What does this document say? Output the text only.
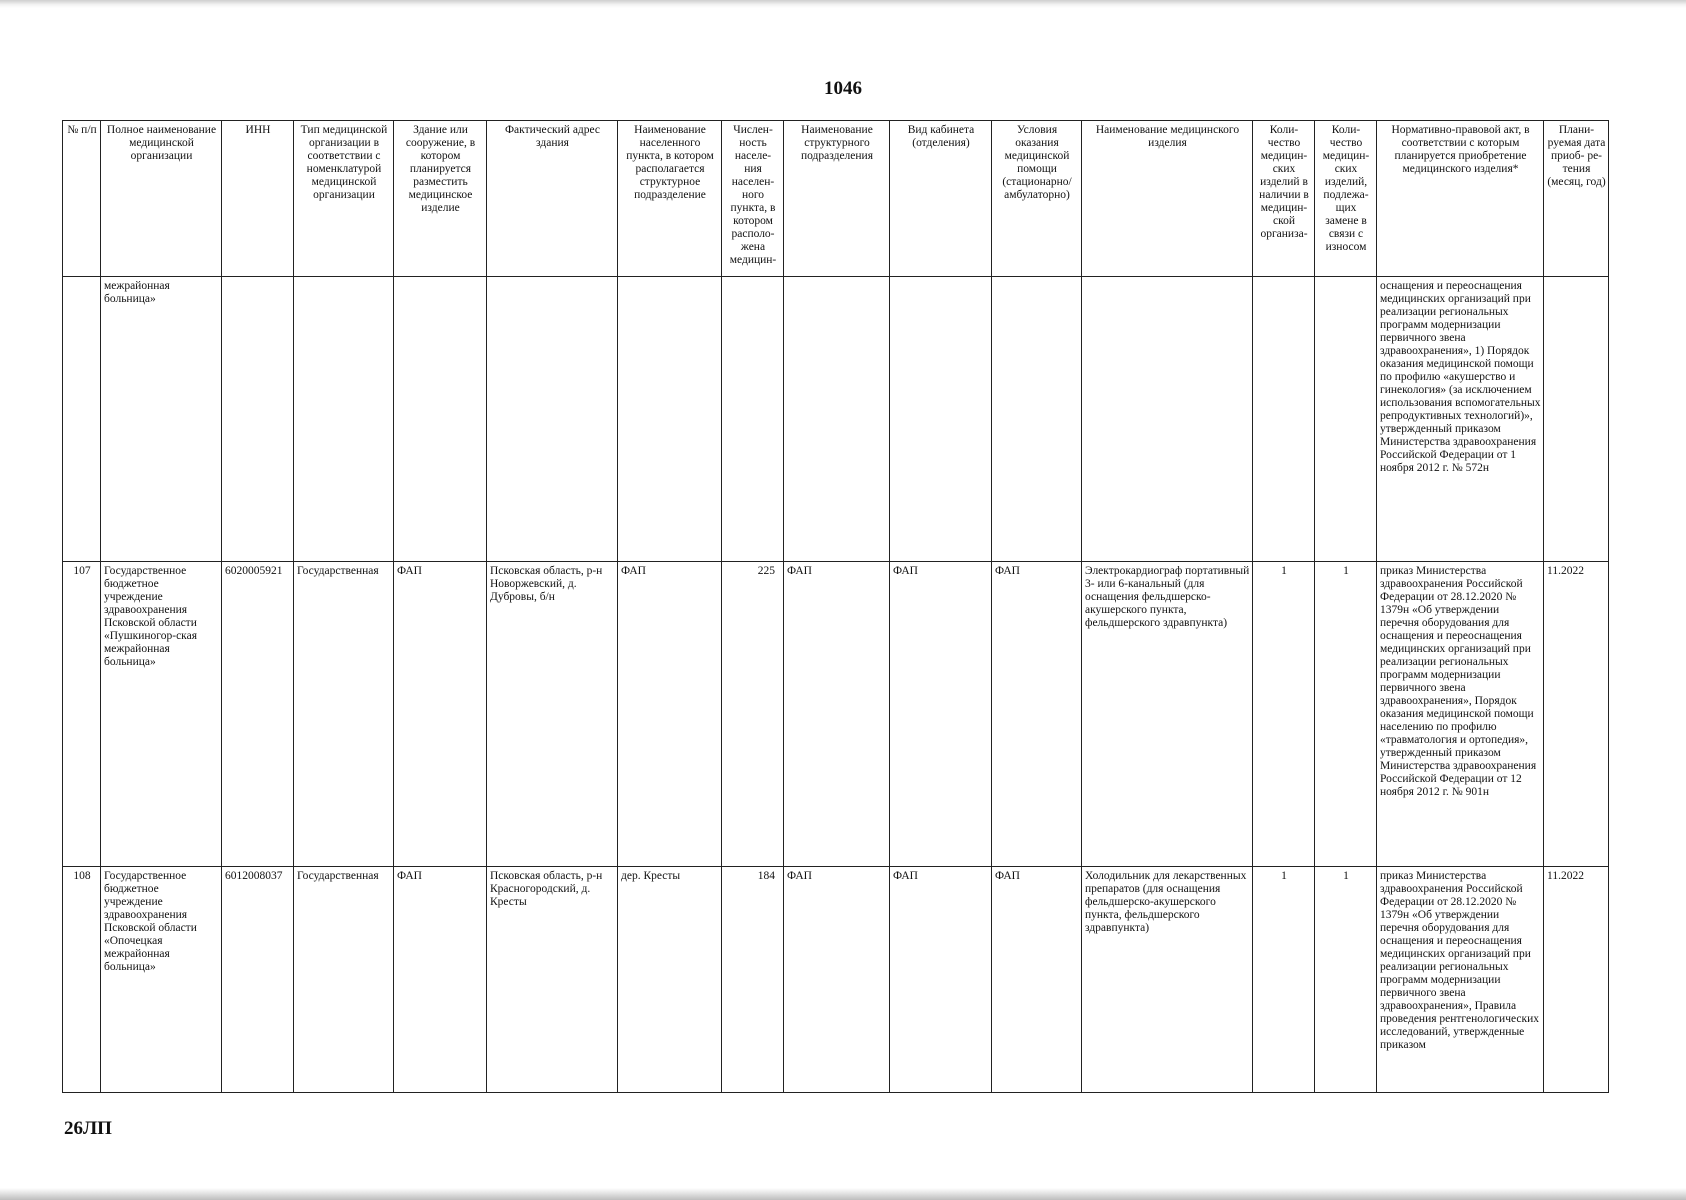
1046
№ п/п	Полное наименование медицинской организации	ИНН	Тип медицинской организации в соответствии с номенклатурой медицинской организации	Здание или сооружение, в котором планируется разместить медицинское изделие	Фактический адрес здания	Наименование населенного пункта, в котором располагается структурное подразделение	Числен- ность населе- ния населен- ного пункта, в котором располо- жена медицин-	Наименование структурного подразделения	Вид кабинета (отделения)	Условия оказания медицинской помощи (стационарно/ амбулаторно)	Наименование медицинского изделия	Коли- чество медицин- ских изделий в наличии в медицин- ской организа-	Коли- чество медицин- ских изделий, подлежа- щих замене в связи с износом	Нормативно-правовой акт, в соответствии с которым планируется приобретение медицинского изделия*	Плани- руемая дата приоб- ре- тения (месяц, год)
	межрайонная больница»													оснащения и переоснащения медицинских организаций при реализации региональных программ модернизации первичного звена здравоохранения», 1) Порядок оказания медицинской помощи по профилю «акушерство и гинекология» (за исключением использования вспомогательных репродуктивных технологий)», утвержденный приказом Министерства здравоохранения Российской Федерации от 1 ноября 2012 г. № 572н	
107	Государственное бюджетное учреждение здравоохранения Псковской области «Пушкиногор-ская межрайонная больница»	6020005921	Государственная	ФАП	Псковская область, р-н Новоржевский, д. Дубровы, б/н	ФАП	225	ФАП	ФАП	ФАП	Электрокардиограф портативный 3- или 6-канальный (для оснащения фельдшерско-акушерского пункта, фельдшерского здравпункта)	1	1	приказ Министерства здравоохранения Российской Федерации от 28.12.2020 № 1379н «Об утверждении перечня оборудования для оснащения и переоснащения медицинских организаций при реализации региональных программ модернизации первичного звена здравоохранения», Порядок оказания медицинской помощи населению по профилю «травматология и ортопедия», утвержденный приказом Министерства здравоохранения Российской Федерации от 12 ноября 2012 г. № 901н	11.2022
108	Государственное бюджетное учреждение здравоохранения Псковской области «Опочецкая межрайонная больница»	6012008037	Государственная	ФАП	Псковская область, р-н Красногородский, д. Кресты	дер. Кресты	184	ФАП	ФАП	ФАП	Холодильник для лекарственных препаратов (для оснащения фельдшерско-акушерского пункта, фельдшерского здравпункта)	1	1	приказ Министерства здравоохранения Российской Федерации от 28.12.2020 № 1379н «Об утверждении перечня оборудования для оснащения и переоснащения медицинских организаций при реализации региональных программ модернизации первичного звена здравоохранения», Правила проведения рентгенологических исследований, утвержденные приказом	11.2022
26ЛП
